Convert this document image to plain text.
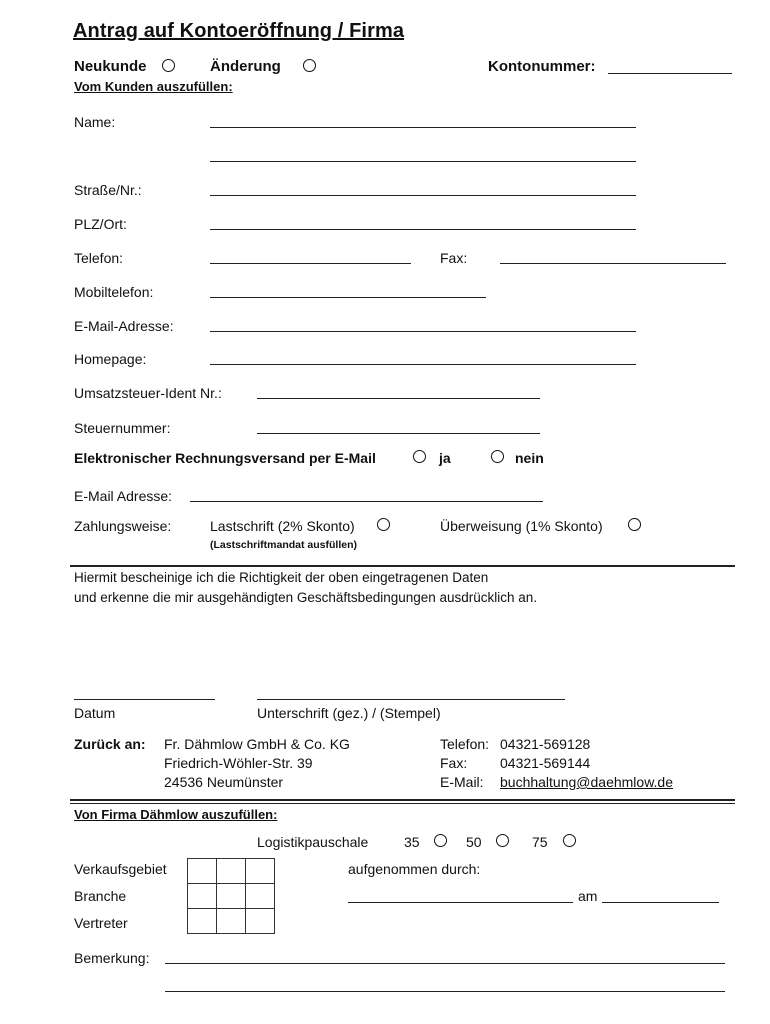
Antrag auf Kontoeröffnung / Firma
Neukunde	Änderung	Kontonummer:
Vom Kunden auszufüllen:
Name:
Straße/Nr.:
PLZ/Ort:
Telefon:	Fax:
Mobiltelefon:
E-Mail-Adresse:
Homepage:
Umsatzsteuer-Ident Nr.:
Steuernummer:
Elektronischer Rechnungsversand per E-Mail	ja	nein
E-Mail Adresse:
Zahlungsweise:	Lastschrift (2% Skonto)
(Lastschriftmandat ausfüllen)
Überweisung (1% Skonto)
Hiermit bescheinige ich die Richtigkeit der oben eingetragenen Daten
und erkenne die mir ausgehändigten Geschäftsbedingungen ausdrücklich an.
Datum	Unterschrift (gez.) / (Stempel)
Zurück an: Fr. Dähmlow GmbH & Co. KG
Friedrich-Wöhler-Str. 39
24536 Neumünster
Telefon: 04321-569128
Fax: 04321-569144
E-Mail: buchhaltung@daehmlow.de
Von Firma Dähmlow auszufüllen:
Logistikpauschale	35	50	75
Verkaufsgebiet
Branche
Vertreter

aufgenommen durch:
am
Bemerkung:
